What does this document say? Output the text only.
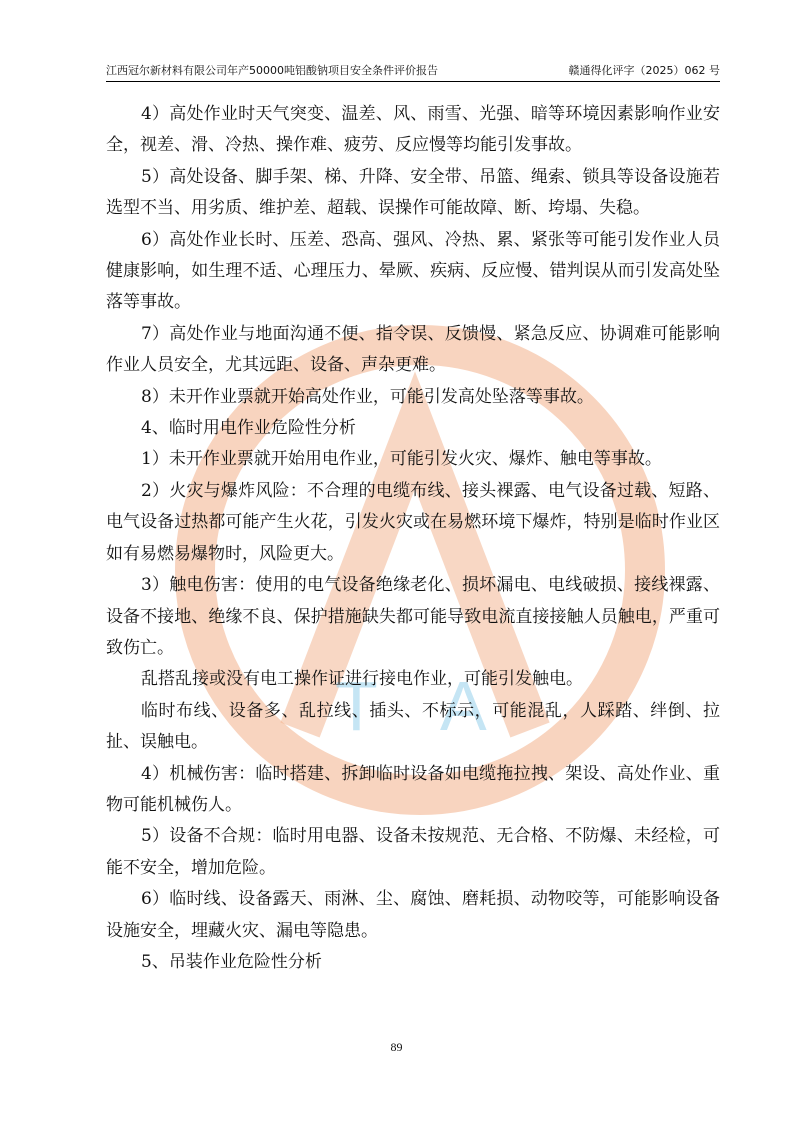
江西冠尔新材料有限公司年产50000吨铝酸钠项目安全条件评价报告	赣通得化评字（2025）062 号
T A

4）高处作业时天气突变、温差、风、雨雪、光强、暗等环境因素影响作业安全，视差、滑、冷热、操作难、疲劳、反应慢等均能引发事故。

5）高处设备、脚手架、梯、升降、安全带、吊篮、绳索、锁具等设备设施若选型不当、用劣质、维护差、超载、误操作可能故障、断、垮塌、失稳。

6）高处作业长时、压差、恐高、强风、冷热、累、紧张等可能引发作业人员健康影响，如生理不适、心理压力、晕厥、疾病、反应慢、错判误从而引发高处坠落等事故。

7）高处作业与地面沟通不便、指令误、反馈慢、紧急反应、协调难可能影响作业人员安全，尤其远距、设备、声杂更难。

8）未开作业票就开始高处作业，可能引发高处坠落等事故。

4、临时用电作业危险性分析

1）未开作业票就开始用电作业，可能引发火灾、爆炸、触电等事故。

2）火灾与爆炸风险：不合理的电缆布线、接头裸露、电气设备过载、短路、电气设备过热都可能产生火花，引发火灾或在易燃环境下爆炸，特别是临时作业区如有易燃易爆物时，风险更大。

3）触电伤害：使用的电气设备绝缘老化、损坏漏电、电线破损、接线裸露、设备不接地、绝缘不良、保护措施缺失都可能导致电流直接接触人员触电，严重可致伤亡。

乱搭乱接或没有电工操作证进行接电作业，可能引发触电。

临时布线、设备多、乱拉线、插头、不标示，可能混乱，人踩踏、绊倒、拉扯、误触电。

4）机械伤害：临时搭建、拆卸临时设备如电缆拖拉拽、架设、高处作业、重物可能机械伤人。

5）设备不合规：临时用电器、设备未按规范、无合格、不防爆、未经检，可能不安全，增加危险。

6）临时线、设备露天、雨淋、尘、腐蚀、磨耗损、动物咬等，可能影响设备设施安全，埋藏火灾、漏电等隐患。

5、吊装作业危险性分析

89
